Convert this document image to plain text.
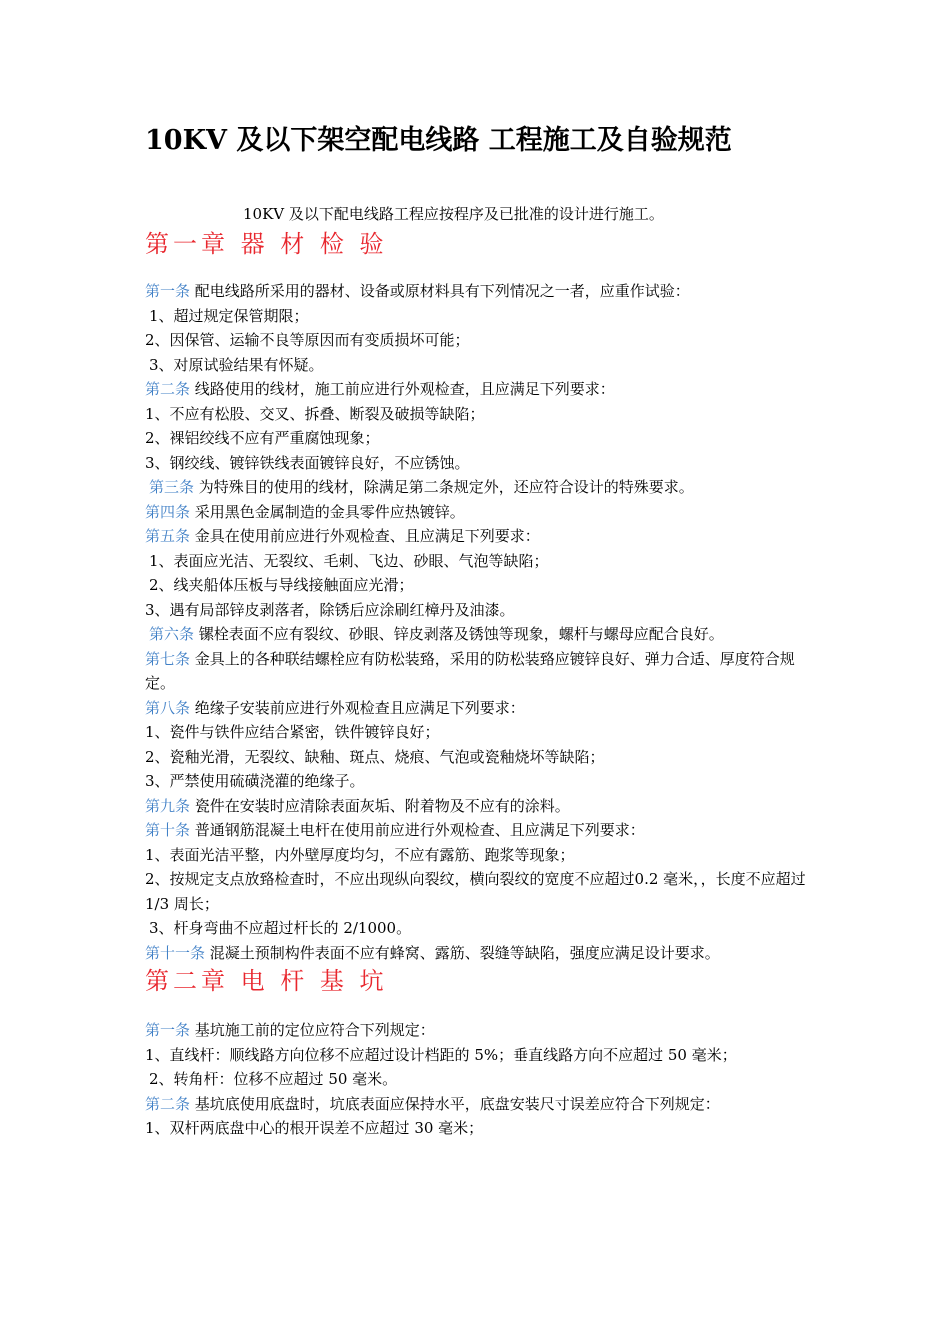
10KV 及以下架空配电线路 工程施工及自验规范
10KV 及以下配电线路工程应按程序及已批准的设计进行施工。
第一章 器 材 检 验
第一条 配电线路所采用的器材、设备或原材料具有下列情况之一者，应重作试验：
1、超过规定保管期限；
2、因保管、运输不良等原因而有变质损坏可能；
3、对原试验结果有怀疑。
第二条 线路使用的线材，施工前应进行外观检查，且应满足下列要求：
1、不应有松股、交叉、拆叠、断裂及破损等缺陷；
2、裸铝绞线不应有严重腐蚀现象；
3、钢绞线、镀锌铁线表面镀锌良好，不应锈蚀。
第三条 为特殊目的使用的线材，除满足第二条规定外，还应符合设计的特殊要求。
第四条 采用黑色金属制造的金具零件应热镀锌。
第五条 金具在使用前应进行外观检查、且应满足下列要求：
1、表面应光洁、无裂纹、毛刺、飞边、砂眼、气泡等缺陷；
2、线夹船体压板与导线接触面应光滑；
3、遇有局部锌皮剥落者，除锈后应涂刷红樟丹及油漆。
第六条 镙栓表面不应有裂纹、砂眼、锌皮剥落及锈蚀等现象，螺杆与螺母应配合良好。
第七条 金具上的各种联结螺栓应有防松装臵，采用的防松装臵应镀锌良好、弹力合适、厚度符合规定。
第八条 绝缘子安装前应进行外观检查且应满足下列要求：
1、瓷件与铁件应结合紧密，铁件镀锌良好；
2、瓷釉光滑，无裂纹、缺釉、斑点、烧痕、气泡或瓷釉烧坏等缺陷；
3、严禁使用硫磺浇灌的绝缘子。
第九条 瓷件在安装时应清除表面灰垢、附着物及不应有的涂料。
第十条 普通钢筋混凝土电杆在使用前应进行外观检查、且应满足下列要求：
1、表面光洁平整，内外壁厚度均匀，不应有露筋、跑浆等现象；
2、按规定支点放臵检查时，不应出现纵向裂纹，横向裂纹的宽度不应超过0.2 毫米，，长度不应超过 1/3 周长；
3、杆身弯曲不应超过杆长的 2/1000。
第十一条 混凝土预制构件表面不应有蜂窝、露筋、裂缝等缺陷，强度应满足设计要求。
第二章 电 杆 基 坑
第一条 基坑施工前的定位应符合下列规定：
1、直线杆：顺线路方向位移不应超过设计档距的 5%；垂直线路方向不应超过 50 毫米；
2、转角杆：位移不应超过 50 毫米。
第二条 基坑底使用底盘时，坑底表面应保持水平，底盘安装尺寸误差应符合下列规定：
1、双杆两底盘中心的根开误差不应超过 30 毫米；
